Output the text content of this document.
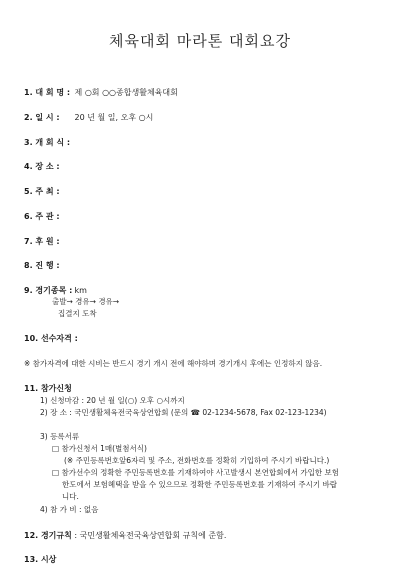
체육대회 마라톤 대회요강
1. 대 회 명 : 제 ○회 ○○종합생활체육대회
2. 일 시 : 20 년 월 일, 오후 ○시
3. 개 회 식 :
4. 장 소 :
5. 주 최 :
6. 주 관 :
7. 후 원 :
8. 진 행 :
9. 경기종목 : km
출발→ 경유→ 경유→
집결지 도착
10. 선수자격 :
※ 참가자격에 대한 시비는 반드시 경기 개시 전에 해야하며 경기개시 후에는 인정하지 않음.
11. 참가신청
1) 신청마감 : 20 년 월 일(○) 오후 ○시까지
2) 장 소 : 국민생활체육전국육상연합회 (문의 ☎ 02-1234-5678, Fax 02-123-1234)
3) 등록서류
□ 참가신청서 1매(별첨서식)
(※ 주민등록번호앞6자리 및 주소, 전화번호를 정확히 기입하여 주시기 바랍니다.)
□ 참가선수의 정확한 주민등록번호를 기재하여야 사고발생시 본연합회에서 가입한 보험
한도에서 보험혜택을 받을 수 있으므로 정확한 주민등록번호를 기재하여 주시기 바랍
니다.
4) 참 가 비 : 없음
12. 경기규칙 : 국민생활체육전국육상연합회 규칙에 준함.
13. 시상
